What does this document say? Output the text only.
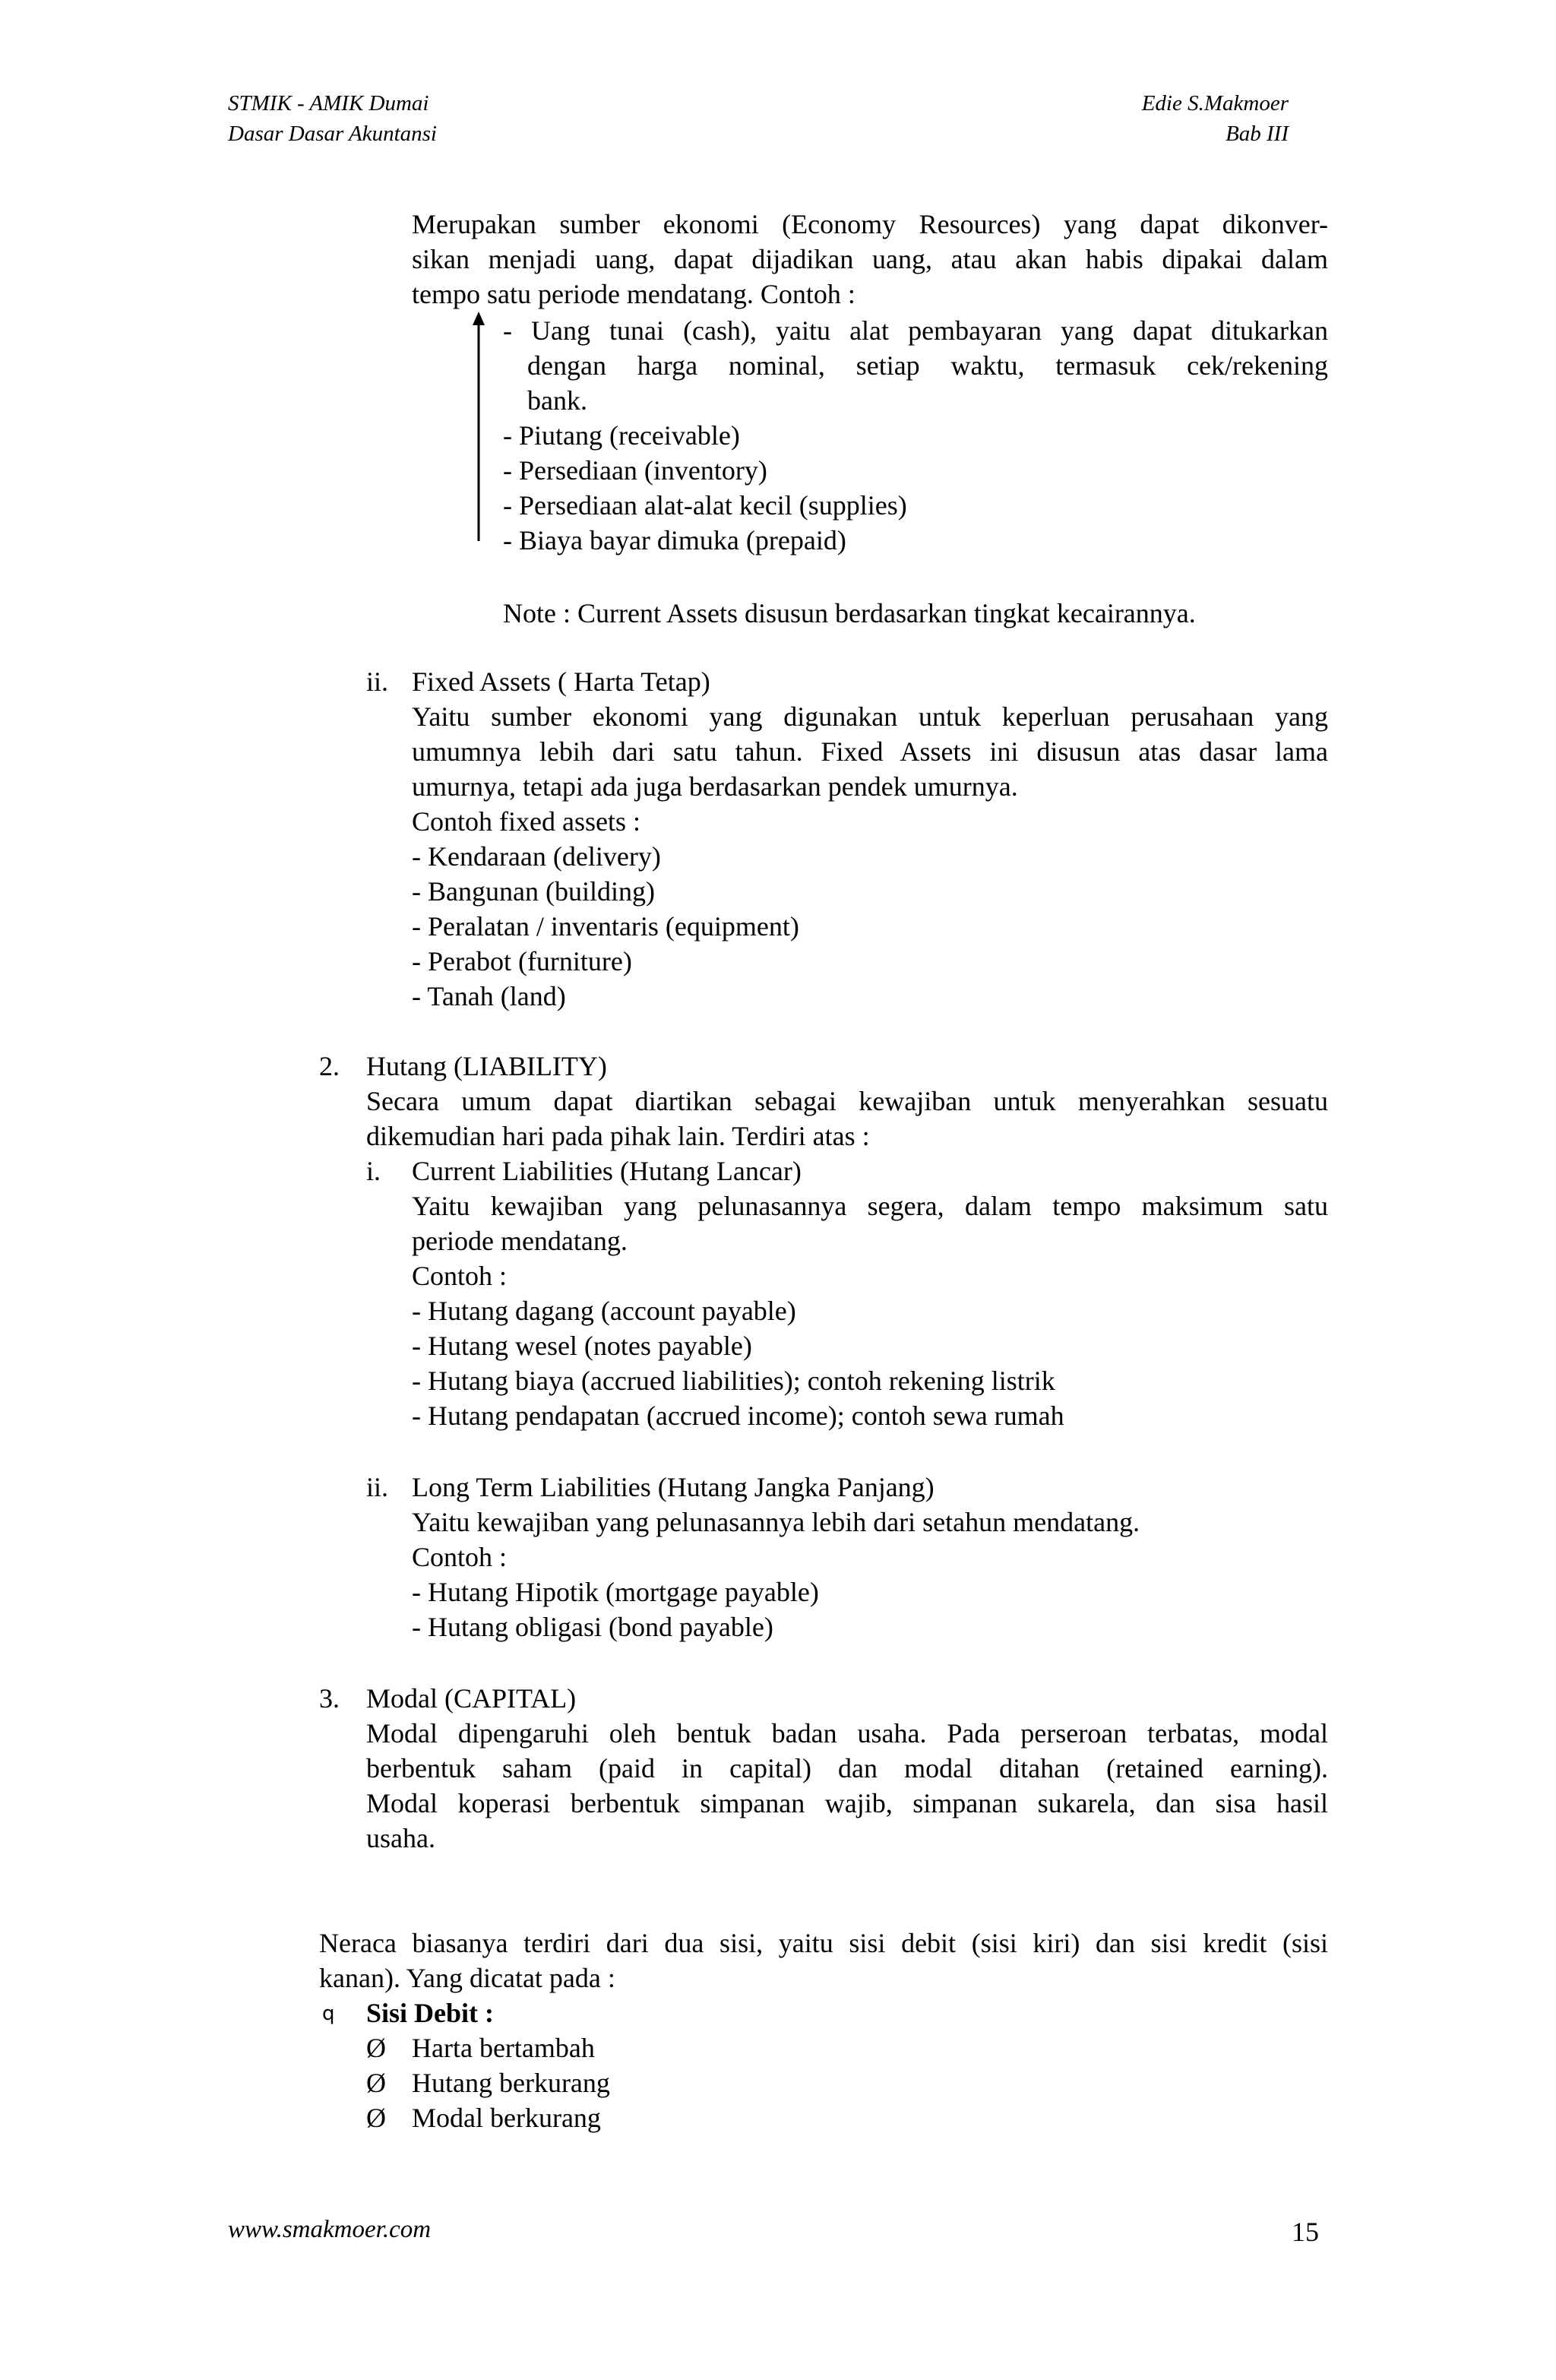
STMIK - AMIK Dumai
Dasar Dasar Akuntansi
Edie S.Makmoer
Bab III
Merupakan sumber ekonomi (Economy Resources) yang dapat dikonver-
sikan menjadi uang, dapat dijadikan uang, atau akan habis dipakai dalam
tempo satu periode mendatang. Contoh :
- Uang tunai (cash), yaitu alat pembayaran yang dapat ditukarkan
dengan harga nominal, setiap waktu, termasuk cek/rekening
bank.
- Piutang (receivable)
- Persediaan (inventory)
- Persediaan alat-alat kecil (supplies)
- Biaya bayar dimuka (prepaid)
Note : Current Assets disusun berdasarkan tingkat kecairannya.
ii. Fixed Assets ( Harta Tetap)
Yaitu sumber ekonomi yang digunakan untuk keperluan perusahaan yang
umumnya lebih dari satu tahun. Fixed Assets ini disusun atas dasar lama
umurnya, tetapi ada juga berdasarkan pendek umurnya.
Contoh fixed assets :
- Kendaraan (delivery)
- Bangunan (building)
- Peralatan / inventaris (equipment)
- Perabot (furniture)
- Tanah (land)
2. Hutang (LIABILITY)
Secara umum dapat diartikan sebagai kewajiban untuk menyerahkan sesuatu
dikemudian hari pada pihak lain. Terdiri atas :
i. Current Liabilities (Hutang Lancar)
Yaitu kewajiban yang pelunasannya segera, dalam tempo maksimum satu
periode mendatang.
Contoh :
- Hutang dagang (account payable)
- Hutang wesel (notes payable)
- Hutang biaya (accrued liabilities); contoh rekening listrik
- Hutang pendapatan (accrued income); contoh sewa rumah
ii. Long Term Liabilities (Hutang Jangka Panjang)
Yaitu kewajiban yang pelunasannya lebih dari setahun mendatang.
Contoh :
- Hutang Hipotik (mortgage payable)
- Hutang obligasi (bond payable)
3. Modal (CAPITAL)
Modal dipengaruhi oleh bentuk badan usaha. Pada perseroan terbatas, modal
berbentuk saham (paid in capital) dan modal ditahan (retained earning).
Modal koperasi berbentuk simpanan wajib, simpanan sukarela, dan sisa hasil
usaha.
Neraca biasanya terdiri dari dua sisi, yaitu sisi debit (sisi kiri) dan sisi kredit (sisi
kanan). Yang dicatat pada :
q Sisi Debit :
Ø Harta bertambah
Ø Hutang berkurang
Ø Modal berkurang
www.smakmoer.com	15
